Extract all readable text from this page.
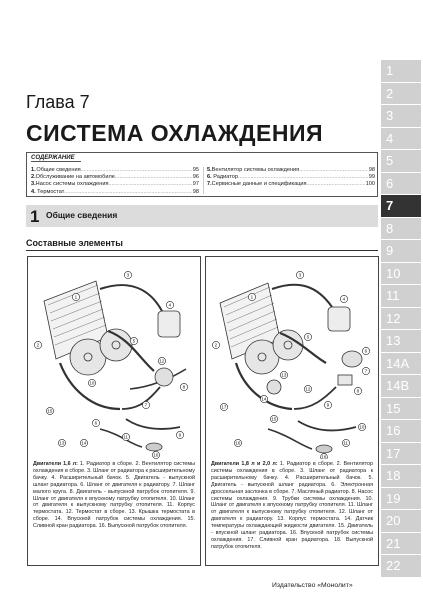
Глава 7
СИСТЕМА ОХЛАЖДЕНИЯ
СОДЕРЖАНИЕ
1. Общие сведения .....	95
2. Обслуживание на автомобиле .....	96
3. Насос системы охлаждения .....	97
4. Термостат .....	98
5. Вентилятор системы охлаждения .....	98
6. Радиатор .....	99
7. Сервисные данные и спецификация .....	100
1 Общие сведения
Составные элементы
1
2
3
4
5
6
7
8
9
10
11
12
13	14
15
16
Двигатели 1,6 л: 1. Радиатор в сборе. 2. Вентилятор системы охлаждения в сборе. 3. Шланг от радиатора к расширительному бачку. 4. Расширительный бачок. 5. Двигатель - выпускной шланг радиатора. 6. Шланг от двигателя к радиатору. 7. Шланг малого круга. 8. Двигатель - выпускной патрубок отопителя. 9. Шланг от двигателя к впускному патрубку отопителя. 10. Шланг от двигателя к выпускному патрубку отопителя. 11. Корпус термостата. 12. Термостат в сборе. 13. Крышка термостата в сборе. 14. Впускной патрубок системы охлаждения. 15. Сливной кран радиатора. 16. Выпускной патрубок отопителя.
1
2
3
4
5
6
7
8
9
10
11
12
13
14
15
16
17
18
Двигатели 1,8 л и 2,0 л: 1. Радиатор в сборе. 2. Вентилятор системы охлаждения в сборе. 3. Шланг от радиатора к расширительному бачку. 4. Расширительный бачок. 5. Двигатель - выпускной шланг радиатора. 6. Электронная дроссельная заслонка в сборе. 7. Масляный радиатор. 8. Насос системы охлаждения. 9. Трубки системы охлаждения. 10. Шланг от двигателя к впускному патрубку отопителя. 11. Шланг от двигателя к выпускному патрубку отопителя. 12. Шланг от двигателя к радиатору. 13. Корпус термостата. 14. Датчик температуры охлаждающей жидкости двигателя. 15. Двигатель - впускной шланг радиатора. 16. Впускной патрубок системы охлаждения. 17. Сливной кран радиатора. 18. Выпускной патрубок отопителя.
Издательство «Монолит»
1
2
3
4
5
6
7
8
9
10
11
12
13
14A
14B
15
16
17
18
19
20
21
22
